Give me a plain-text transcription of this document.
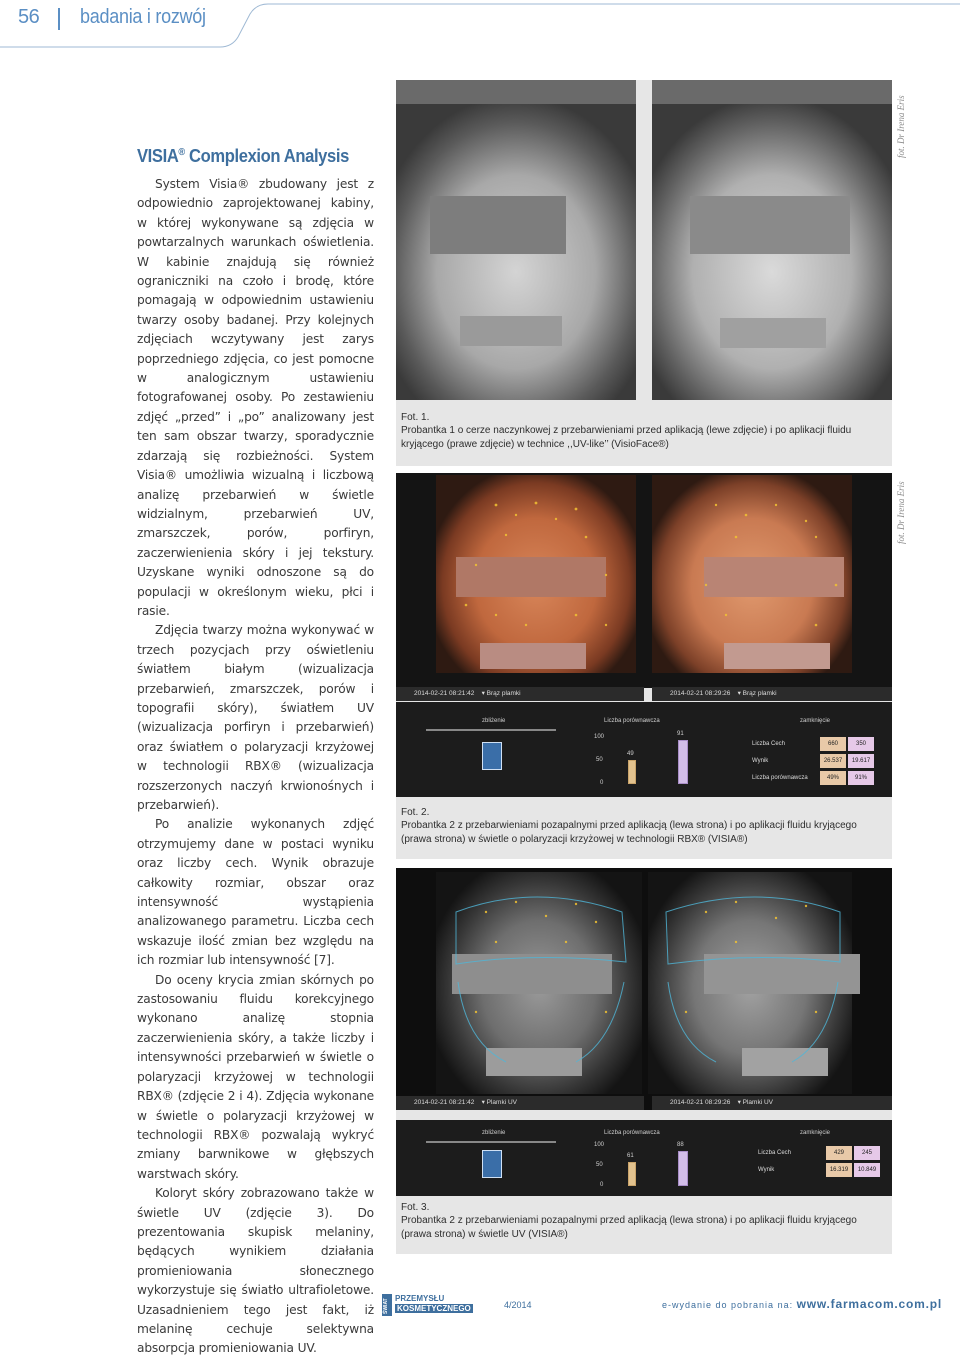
56 badania i rozwój
VISIA® Complexion Analysis

System Visia® zbudowany jest z odpowiednio zaprojektowanej kabiny, w której wykonywane są zdjęcia w powtarzalnych warunkach oświetlenia. W kabinie znajdują się również ograniczniki na czoło i brodę, które pomagają w odpowiednim ustawieniu twarzy osoby badanej. Przy kolejnych zdjęciach wczytywany jest zarys poprzedniego zdjęcia, co jest pomocne w analogicznym ustawieniu fotografowanej osoby. Po zestawieniu zdjęć „przed” i „po” analizowany jest ten sam obszar twarzy, sporadycznie zdarzają się rozbieżności. System Visia® umożliwia wizualną i liczbową analizę przebarwień w świetle widzialnym, przebarwień UV, zmarszczek, porów, porfiryn, zaczerwienienia skóry i jej tekstury. Uzyskane wyniki odnoszone są do populacji w określonym wieku, płci i rasie.

Zdjęcia twarzy można wykonywać w trzech pozycjach przy oświetleniu światłem białym (wizualizacja przebarwień, zmarszczek, porów i topografii skóry), światłem UV (wizualizacja porfiryn i przebarwień) oraz światłem o polaryzacji krzyżowej w technologii RBX® (wizualizacja rozszerzonych naczyń krwionośnych i przebarwień).

Po analizie wykonanych zdjęć otrzymujemy dane w postaci wyniku oraz liczby cech. Wynik obrazuje całkowity rozmiar, obszar oraz intensywność wystąpienia analizowanego parametru. Liczba cech wskazuje ilość zmian bez względu na ich rozmiar lub intensywność [7].

Do oceny krycia zmian skórnych po zastosowaniu fluidu korekcyjnego wykonano analizę stopnia zaczerwienienia skóry, a także liczby i intensywności przebarwień w świetle o polaryzacji krzyżowej w technologii RBX® (zdjęcie 2 i 4). Zdjęcia wykonane w świetle o polaryzacji krzyżowej w technologii RBX® pozwalają wykryć zmiany barwnikowe w głębszych warstwach skóry.

Koloryt skóry zobrazowano także w świetle UV (zdjęcie 3). Do prezentowania skupisk melaniny, będących wynikiem działania promieniowania słonecznego wykorzystuje się światło ultrafioletowe. Uzasadnieniem tego jest fakt, iż melaninę cechuje selektywna absorpcja promieniowania UV.

Fot. 1.
Probantka 1 o cerze naczynkowej z przebarwieniami przed aplikacją (lewe zdjęcie) i po aplikacji fluidu kryjącego (prawe zdjęcie) w technice ,,UV-like’’ (VisioFace®)
fot. Dr Irena Eris
2014-02-21 08:21:42    ▾ Brąz plamki	2014-02-21 08:29:26    ▾ Brąz plamki
zbliżenie	Liczba porównawcza
100
50
0
49
91
zamknięcie
Liczba Cech	660	350
Wynik	26.537	19.617
Liczba porównawcza	49%	91%
Fot. 2.
Probantka 2 z przebarwieniami pozapalnymi przed aplikacją (lewa strona) i po aplikacji fluidu kryjącego (prawa strona) w świetle o polaryzacji krzyżowej w technologii RBX® (VISIA®)
fot. Dr Irena Eris
2014-02-21 08:21:42    ▾ Plamki UV	2014-02-21 08:29:26    ▾ Plamki UV
zbliżenie	Liczba porównawcza
100
50
0
61
88
zamknięcie
Liczba Cech	429	245
Wynik	16.319	10.849
Fot. 3.
Probantka 2 z przebarwieniami pozapalnymi przed aplikacją (lewa strona) i po aplikacji fluidu kryjącego (prawa strona) w świetle UV (VISIA®)
ŚWIAT PRZEMYSŁU
KOSMETYCZNEGO	4/2014	e-wydanie do pobrania na: www.farmacom.com.pl
